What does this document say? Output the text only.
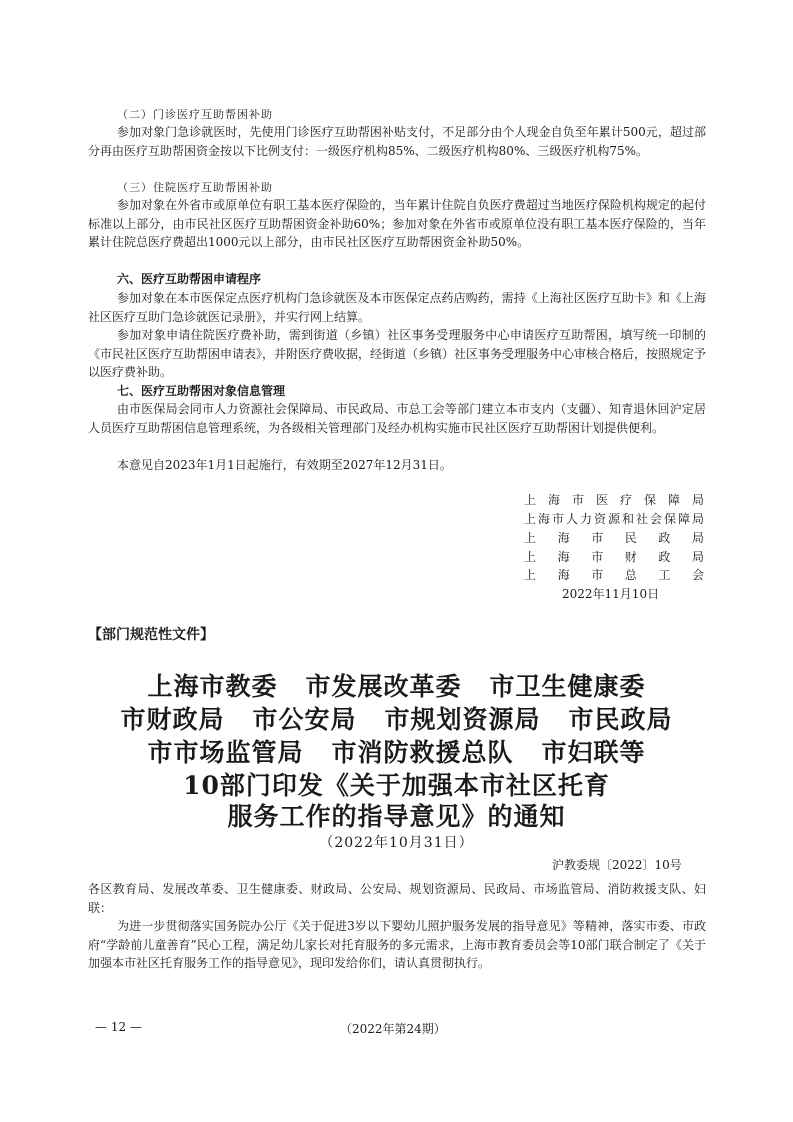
（二）门诊医疗互助帮困补助

参加对象门急诊就医时，先使用门诊医疗互助帮困补贴支付，不足部分由个人现金自负至年累计500元，超过部分再由医疗互助帮困资金按以下比例支付：一级医疗机构85%、二级医疗机构80%、三级医疗机构75%。

（三）住院医疗互助帮困补助

参加对象在外省市或原单位有职工基本医疗保险的，当年累计住院自负医疗费超过当地医疗保险机构规定的起付标准以上部分，由市民社区医疗互助帮困资金补助60%；参加对象在外省市或原单位没有职工基本医疗保险的，当年累计住院总医疗费超出1000元以上部分，由市民社区医疗互助帮困资金补助50%。

六、医疗互助帮困申请程序

参加对象在本市医保定点医疗机构门急诊就医及本市医保定点药店购药，需持《上海社区医疗互助卡》和《上海社区医疗互助门急诊就医记录册》，并实行网上结算。

参加对象申请住院医疗费补助，需到街道（乡镇）社区事务受理服务中心申请医疗互助帮困，填写统一印制的《市民社区医疗互助帮困申请表》，并附医疗费收据，经街道（乡镇）社区事务受理服务中心审核合格后，按照规定予以医疗费补助。

七、医疗互助帮困对象信息管理

由市医保局会同市人力资源社会保障局、市民政局、市总工会等部门建立本市支内（支疆）、知青退休回沪定居人员医疗互助帮困信息管理系统，为各级相关管理部门及经办机构实施市民社区医疗互助帮困计划提供便利。

本意见自2023年1月1日起施行，有效期至2027年12月31日。
上海市医疗保障局
上海市人力资源和社会保障局
上海市民政局
上海市财政局
上海市总工会
2022年11月10日
【部门规范性文件】
上海市教委 市发展改革委 市卫生健康委
市财政局 市公安局 市规划资源局 市民政局
市市场监管局 市消防救援总队 市妇联等
10部门印发《关于加强本市社区托育
服务工作的指导意见》的通知
（2022年10月31日）
沪教委规〔2022〕10号

各区教育局、发展改革委、卫生健康委、财政局、公安局、规划资源局、民政局、市场监管局、消防救援支队、妇联：

为进一步贯彻落实国务院办公厅《关于促进3岁以下婴幼儿照护服务发展的指导意见》等精神，落实市委、市政府“学龄前儿童善育”民心工程，满足幼儿家长对托育服务的多元需求，上海市教育委员会等10部门联合制定了《关于加强本市社区托育服务工作的指导意见》，现印发给你们，请认真贯彻执行。

— 12 —	（2022年第24期）
